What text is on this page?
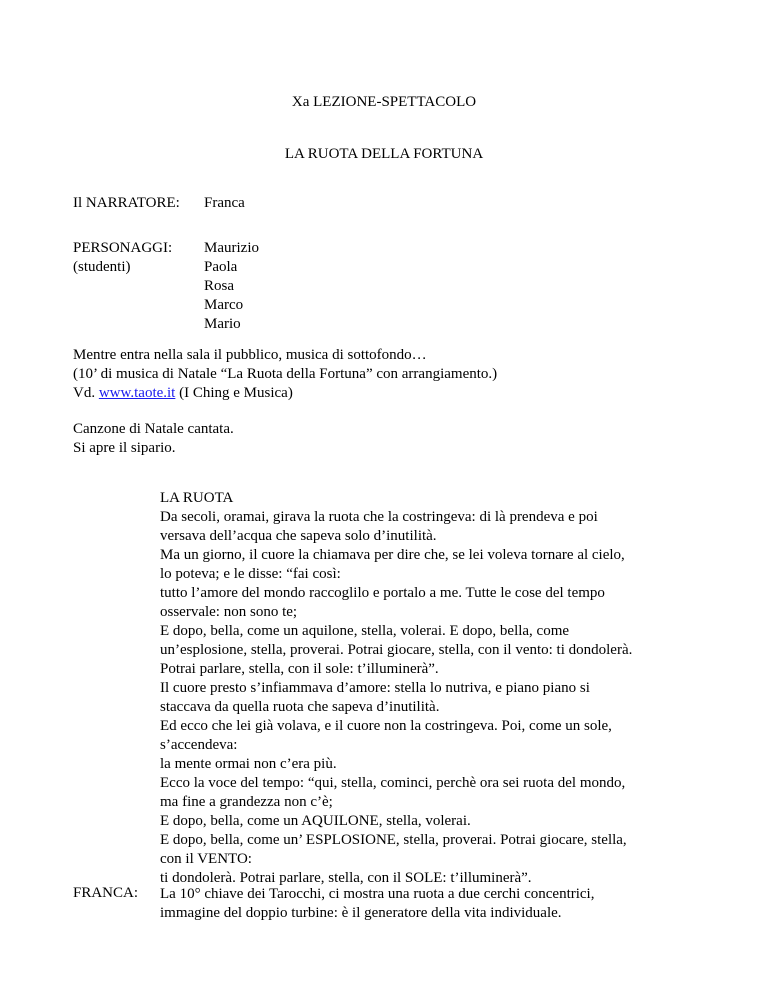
Xa LEZIONE-SPETTACOLO
LA RUOTA DELLA FORTUNA
Il NARRATORE: Franca
PERSONAGGI:
(studenti)
Maurizio
Paola
Rosa
Marco
Mario
Mentre entra nella sala il pubblico, musica di sottofondo…
(10’ di musica di Natale “La Ruota della Fortuna” con arrangiamento.)
Vd. www.taote.it (I Ching e Musica)
Canzone di Natale cantata.
Si apre il sipario.
LA RUOTA
Da secoli, oramai, girava la ruota che la costringeva: di là prendeva e poi
versava dell’acqua che sapeva solo d’inutilità.
Ma un giorno, il cuore la chiamava per dire che, se lei voleva tornare al cielo,
lo poteva; e le disse: “fai così:
tutto l’amore del mondo raccoglilo e portalo a me. Tutte le cose del tempo
osservale: non sono te;
E dopo, bella, come un aquilone, stella, volerai. E dopo, bella, come
un’esplosione, stella, proverai. Potrai giocare, stella, con il vento: ti dondolerà.
Potrai parlare, stella, con il sole: t’illuminerà”.
Il cuore presto s’infiammava d’amore: stella lo nutriva, e piano piano si
staccava da quella ruota che sapeva d’inutilità.
Ed ecco che lei già volava, e il cuore non la costringeva. Poi, come un sole,
s’accendeva:
la mente ormai non c’era più.
Ecco la voce del tempo: “qui, stella, cominci, perchè ora sei ruota del mondo,
ma fine a grandezza non c’è;
E dopo, bella, come un AQUILONE, stella, volerai.
E dopo, bella, come un’ ESPLOSIONE, stella, proverai. Potrai giocare, stella,
con il VENTO:
ti dondolerà. Potrai parlare, stella, con il SOLE: t’illuminerà”.
FRANCA: La 10° chiave dei Tarocchi, ci mostra una ruota a due cerchi concentrici,
immagine del doppio turbine: è il generatore della vita individuale.
